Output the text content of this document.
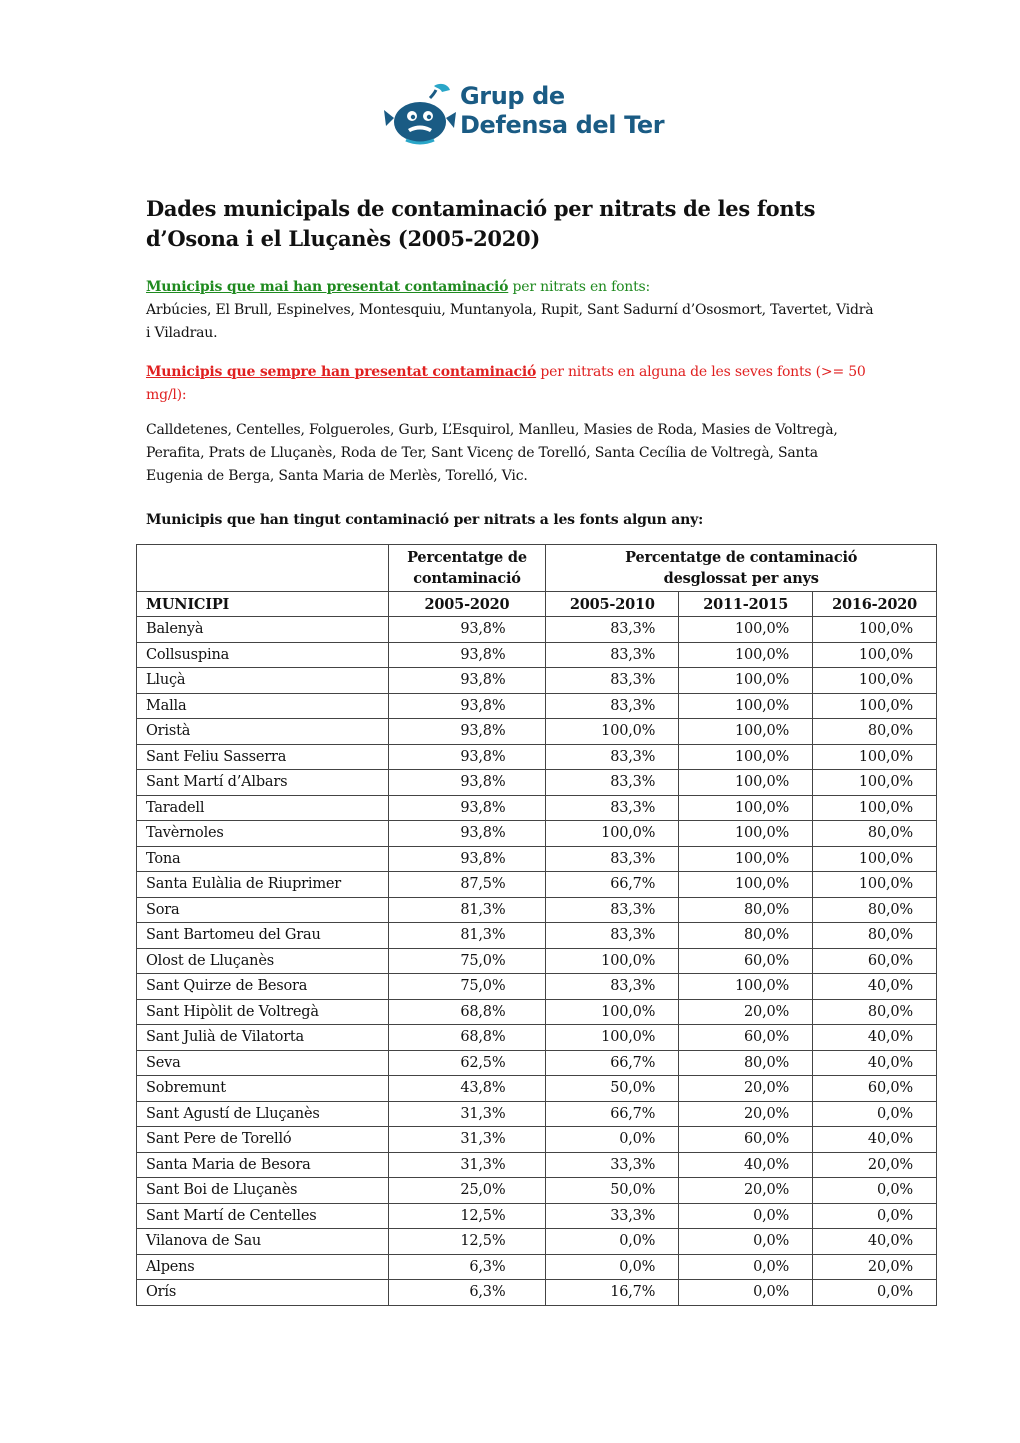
Grup de
Defensa del Ter
Dades municipals de contaminació per nitrats de les fonts
d’Osona i el Lluçanès (2005-2020)
Municipis que mai han presentat contaminació per nitrats en fonts:
Arbúcies, El Brull, Espinelves, Montesquiu, Muntanyola, Rupit, Sant Sadurní d’Ososmort, Tavertet, Vidrà i Viladrau.
Municipis que sempre han presentat contaminació per nitrats en alguna de les seves fonts (>= 50 mg/l):
Calldetenes, Centelles, Folgueroles, Gurb, L’Esquirol, Manlleu, Masies de Roda, Masies de Voltregà, Perafita, Prats de Lluçanès, Roda de Ter, Sant Vicenç de Torelló, Santa Cecília de Voltregà, Santa Eugenia de Berga, Santa Maria de Merlès, Torelló, Vic.
Municipis que han tingut contaminació per nitrats a les fonts algun any:
	Percentatge de contaminació	Percentatge de contaminació desglossat per anys		
MUNICIPI	2005-2020	2005-2010	2011-2015	2016-2020
Balenyà	93,8%	83,3%	100,0%	100,0%
Collsuspina	93,8%	83,3%	100,0%	100,0%
Lluçà	93,8%	83,3%	100,0%	100,0%
Malla	93,8%	83,3%	100,0%	100,0%
Oristà	93,8%	100,0%	100,0%	80,0%
Sant Feliu Sasserra	93,8%	83,3%	100,0%	100,0%
Sant Martí d’Albars	93,8%	83,3%	100,0%	100,0%
Taradell	93,8%	83,3%	100,0%	100,0%
Tavèrnoles	93,8%	100,0%	100,0%	80,0%
Tona	93,8%	83,3%	100,0%	100,0%
Santa Eulàlia de Riuprimer	87,5%	66,7%	100,0%	100,0%
Sora	81,3%	83,3%	80,0%	80,0%
Sant Bartomeu del Grau	81,3%	83,3%	80,0%	80,0%
Olost de Lluçanès	75,0%	100,0%	60,0%	60,0%
Sant Quirze de Besora	75,0%	83,3%	100,0%	40,0%
Sant Hipòlit de Voltregà	68,8%	100,0%	20,0%	80,0%
Sant Julià de Vilatorta	68,8%	100,0%	60,0%	40,0%
Seva	62,5%	66,7%	80,0%	40,0%
Sobremunt	43,8%	50,0%	20,0%	60,0%
Sant Agustí de Lluçanès	31,3%	66,7%	20,0%	0,0%
Sant Pere de Torelló	31,3%	0,0%	60,0%	40,0%
Santa Maria de Besora	31,3%	33,3%	40,0%	20,0%
Sant Boi de Lluçanès	25,0%	50,0%	20,0%	0,0%
Sant Martí de Centelles	12,5%	33,3%	0,0%	0,0%
Vilanova de Sau	12,5%	0,0%	0,0%	40,0%
Alpens	6,3%	0,0%	0,0%	20,0%
Orís	6,3%	16,7%	0,0%	0,0%
